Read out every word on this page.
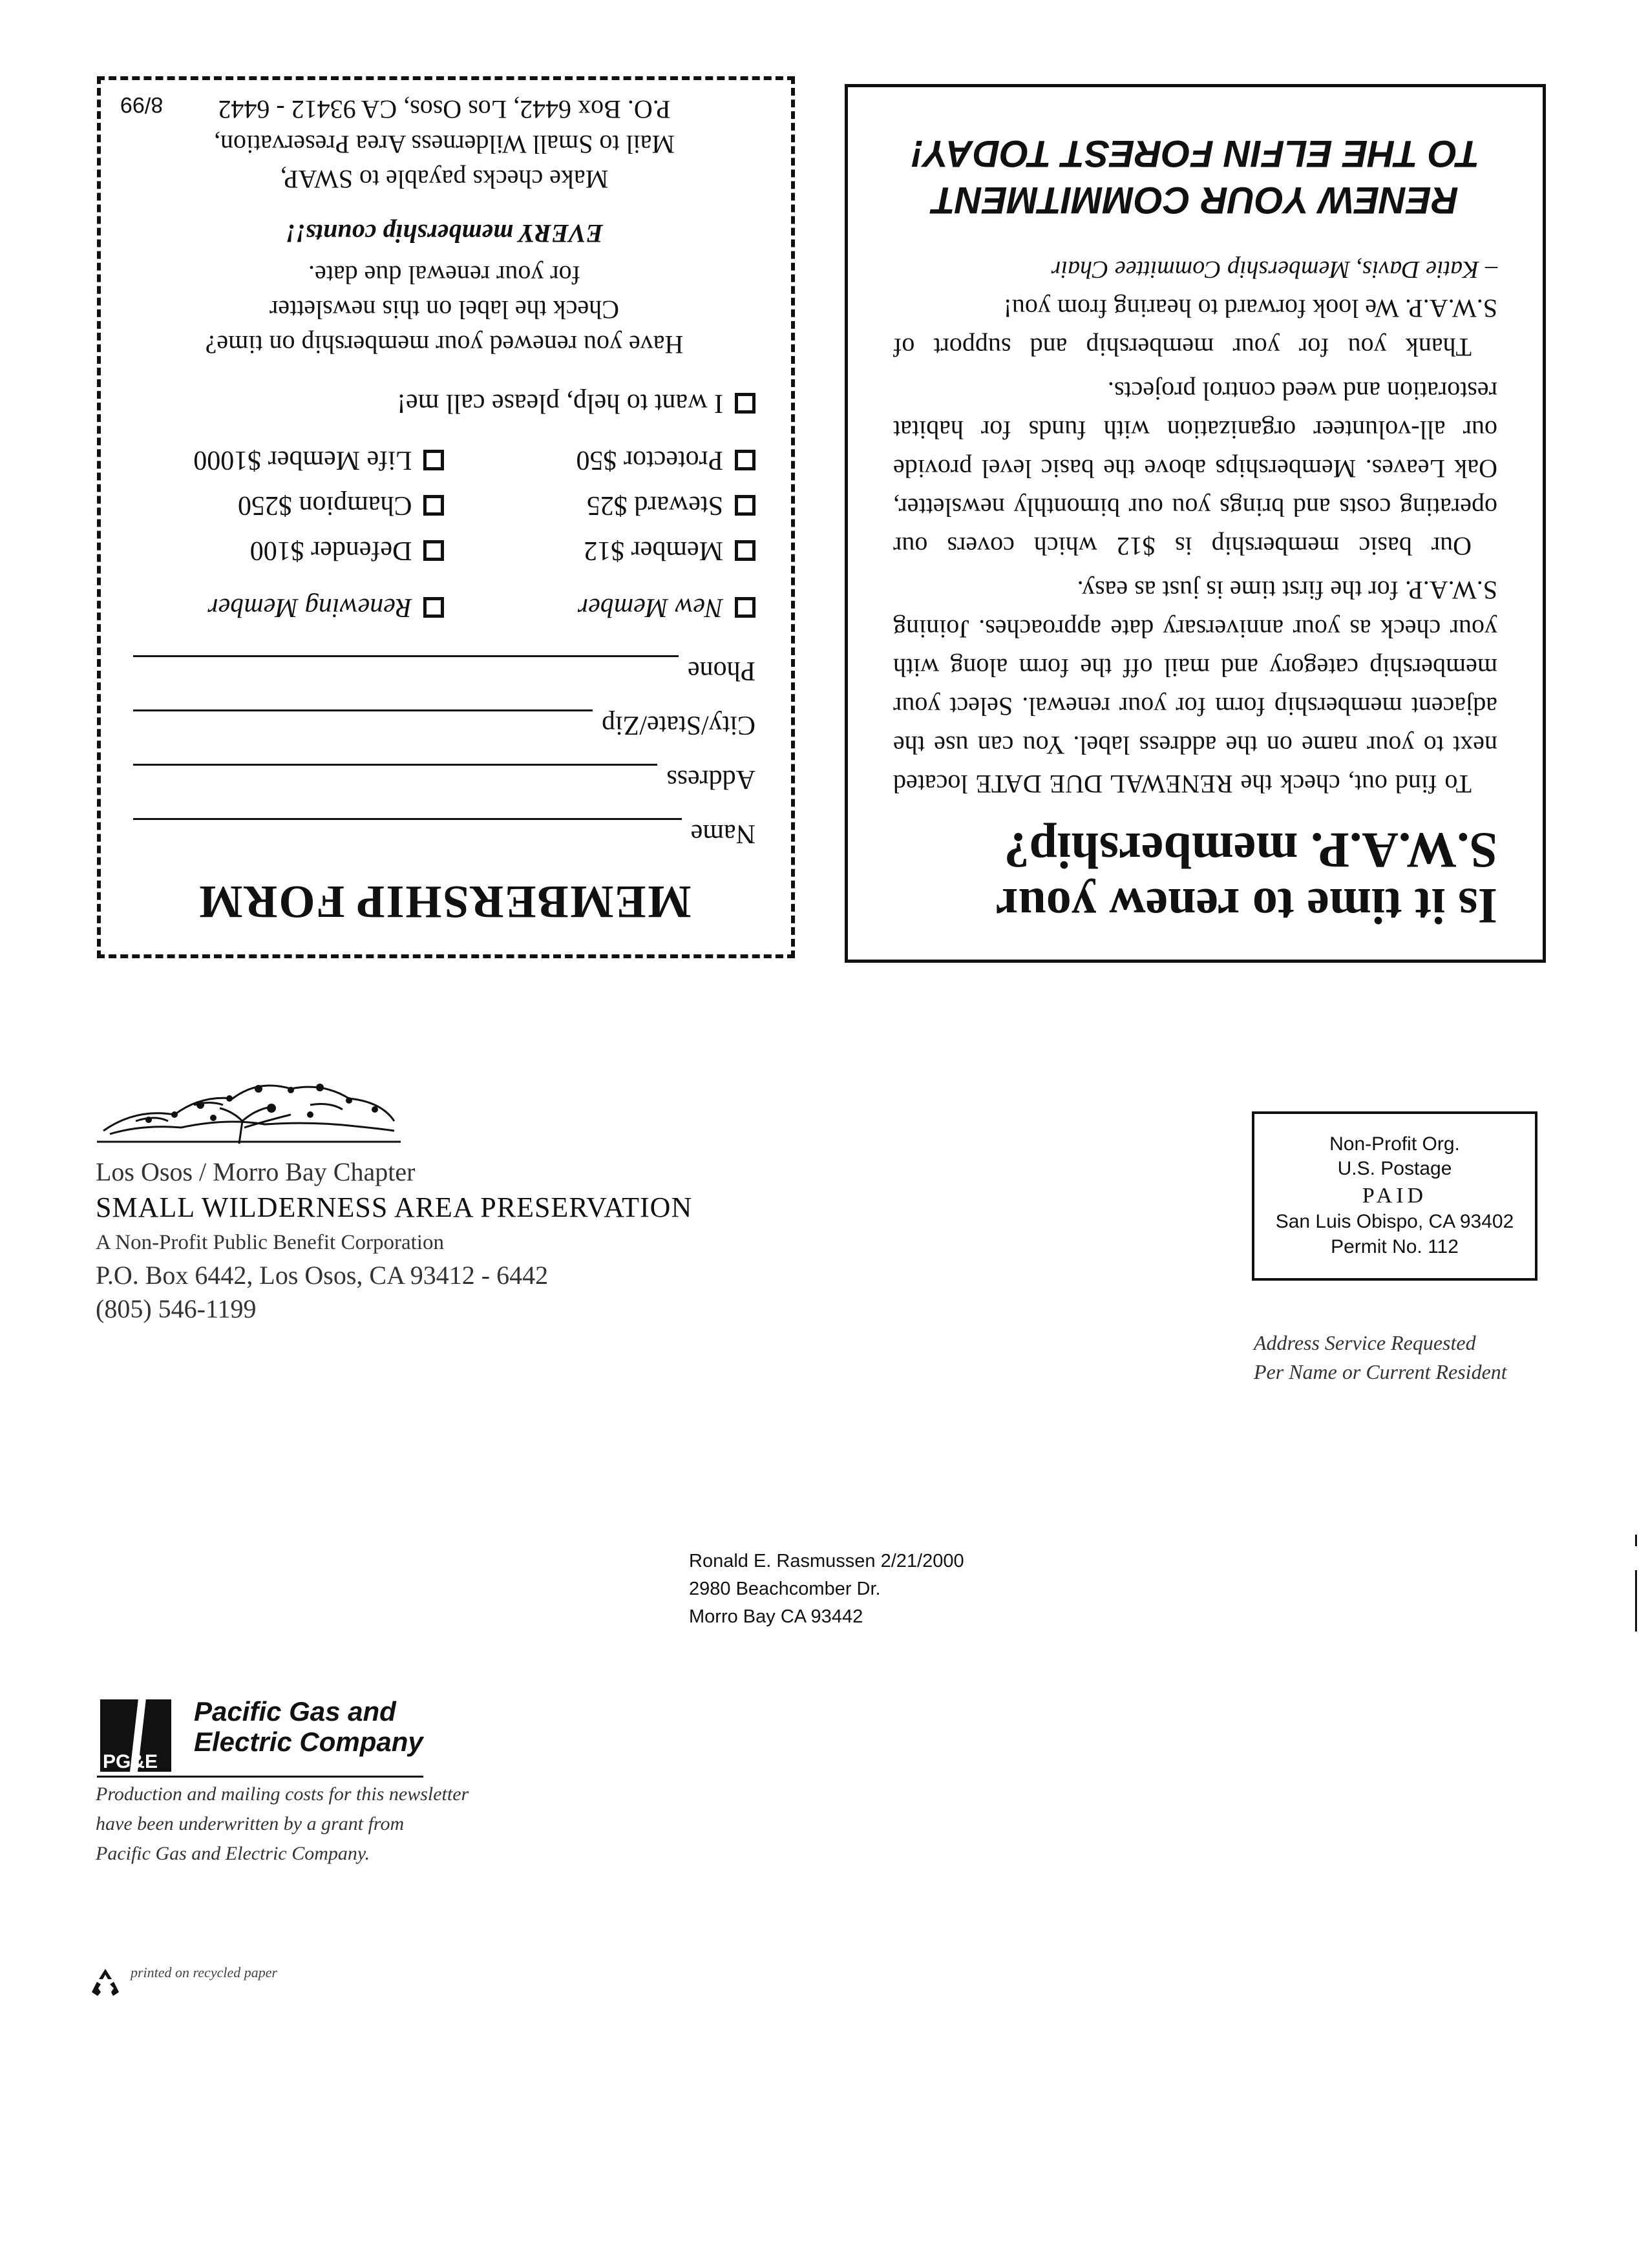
MEMBERSHIP FORM
Name
Address
City/State/Zip
Phone
New Member
Renewing Member
Member $12
Defender $100
Steward $25
Champion $250
Protector $50
Life Member $1000
I want to help, please call me!

Have you renewed your membership on time?

Check the label on this newsletter

for your renewal due date.

EVERY membership counts!!

Make checks payable to SWAP,

Mail to Small Wilderness Area Preservation,

P.O. Box 6442, Los Osos, CA 93412 - 6442

8/99
Is it time to renew your
S.W.A.P. membership?

To find out, check the RENEWAL DUE DATE located next to your name on the address label. You can use the adjacent membership form for your renewal. Select your membership category and mail off the form along with your check as your anniversary date approaches. Joining S.W.A.P. for the first time is just as easy.

Our basic membership is $12 which covers our operating costs and brings you our bimonthly newsletter, Oak Leaves. Memberships above the basic level provide our all-volunteer organization with funds for habitat restoration and weed control projects.

Thank you for your membership and support of S.W.A.P. We look forward to hearing from you!

– Katie Davis, Membership Committee Chair
RENEW YOUR COMMITMENT
TO THE ELFIN FOREST TODAY!
Los Osos / Morro Bay Chapter
SMALL WILDERNESS AREA PRESERVATION
A Non-Profit Public Benefit Corporation
P.O. Box 6442, Los Osos, CA 93412 - 6442
(805) 546-1199
Non-Profit Org.
U.S. Postage
PAID
San Luis Obispo, CA 93402
Permit No. 112
Address Service Requested
Per Name or Current Resident
Ronald E. Rasmussen 2/21/2000
2980 Beachcomber Dr.
Morro Bay CA 93442
PG&E
Pacific Gas and
Electric Company
Production and mailing costs for this newsletter
have been underwritten by a grant from
Pacific Gas and Electric Company.
printed on recycled paper
